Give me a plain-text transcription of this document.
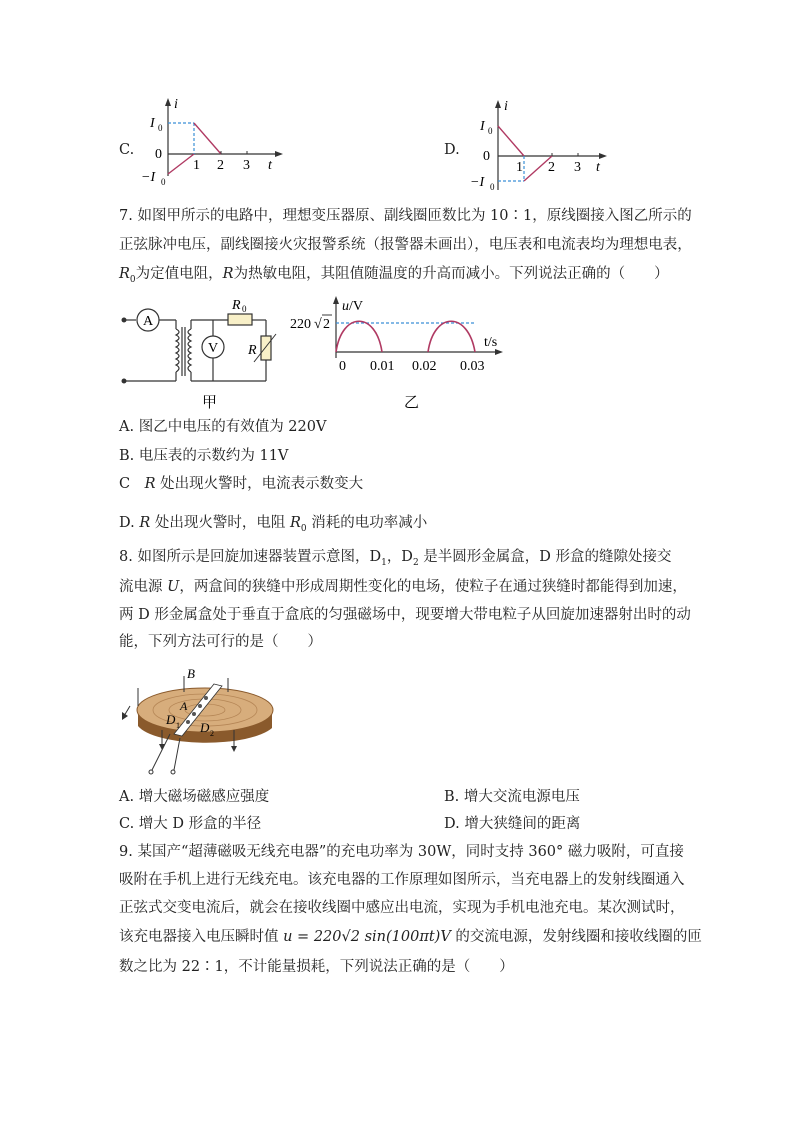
C.
i
I 0
0
−I 0
1 2 3 t
D.
i
I 0
0
−I 0
1 2 3 t
7. 如图甲所示的电路中，理想变压器原、副线圈匝数比为 10∶1，原线圈接入图乙所示的
正弦脉冲电压，副线圈接火灾报警系统（报警器未画出），电压表和电流表均为理想电表，
$R_0$为定值电阻，R为热敏电阻，其阻值随温度的升高而减小。下列说法正确的（　　）
A
V
R 0
R
甲
u/V
220 √ 2
t/s
0 0.01 0.02 0.03
乙
A. 图乙中电压的有效值为 220V
B. 电压表的示数约为 11V
C　R 处出现火警时，电流表示数变大
D. R 处出现火警时，电阻 $R_0$ 消耗的电功率减小
8. 如图所示是回旋加速器装置示意图，$D_1$，$D_2$ 是半圆形金属盒，D 形盒的缝隙处接交
流电源 U，两盒间的狭缝中形成周期性变化的电场，使粒子在通过狭缝时都能得到加速，
两 D 形金属盒处于垂直于盒底的匀强磁场中，现要增大带电粒子从回旋加速器射出时的动
能，下列方法可行的是（　　）
B
A
D 1 D 2
A. 增大磁场磁感应强度	B. 增大交流电源电压
C. 增大 D 形盒的半径	D. 增大狭缝间的距离
9. 某国产“超薄磁吸无线充电器”的充电功率为 30W，同时支持 360° 磁力吸附，可直接
吸附在手机上进行无线充电。该充电器的工作原理如图所示，当充电器上的发射线圈通入
正弦式交变电流后，就会在接收线圈中感应出电流，实现为手机电池充电。某次测试时，
该充电器接入电压瞬时值 u = 220√2 sin(100πt)V 的交流电源，发射线圈和接收线圈的匝
数之比为 22∶1，不计能量损耗，下列说法正确的是（　　）
